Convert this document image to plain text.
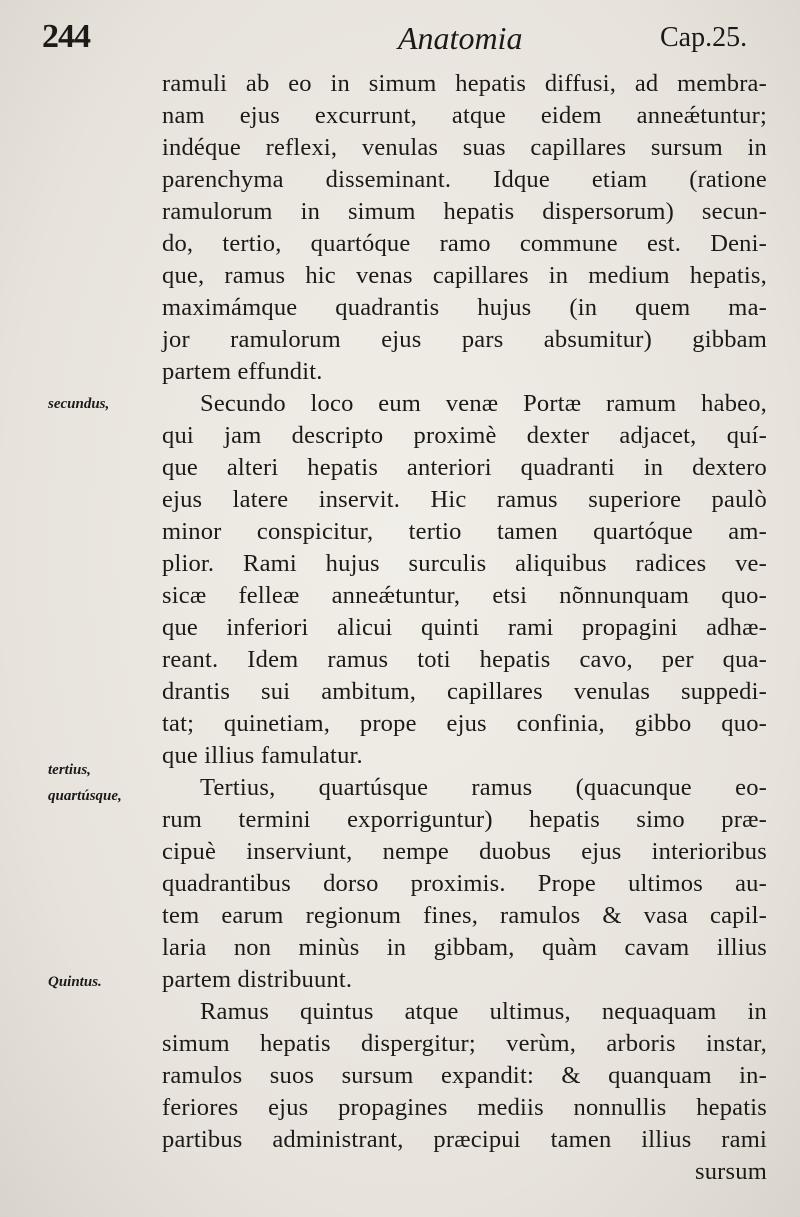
244	Anatomia	Cap.25.
secundus,
tertius,
quartúsque,
Quintus.
ramuli ab eo in simum hepatis diffusi, ad membra-
nam ejus excurrunt, atque eidem anneǽtuntur;
indéque reflexi, venulas suas capillares sursum in
parenchyma disseminant. Idque etiam (ratione
ramulorum in simum hepatis dispersorum) secun-
do, tertio, quartóque ramo commune est. Deni-
que, ramus hic venas capillares in medium hepatis,
maximámque quadrantis hujus (in quem ma-
jor ramulorum ejus pars absumitur) gibbam
partem effundit.
Secundo loco eum venæ Portæ ramum habeo,
qui jam descripto proximè dexter adjacet, quí-
que alteri hepatis anteriori quadranti in dextero
ejus latere inservit. Hic ramus superiore paulò
minor conspicitur, tertio tamen quartóque am-
plior. Rami hujus surculis aliquibus radices ve-
sicæ felleæ anneǽtuntur, etsi nõnnunquam quo-
que inferiori alicui quinti rami propagini adhæ-
reant. Idem ramus toti hepatis cavo, per qua-
drantis sui ambitum, capillares venulas suppedi-
tat; quinetiam, prope ejus confinia, gibbo quo-
que illius famulatur.
Tertius, quartúsque ramus (quacunque eo-
rum termini exporriguntur) hepatis simo præ-
cipuè inserviunt, nempe duobus ejus interioribus
quadrantibus dorso proximis. Prope ultimos au-
tem earum regionum fines, ramulos & vasa capil-
laria non minùs in gibbam, quàm cavam illius
partem distribuunt.
Ramus quintus atque ultimus, nequaquam in
simum hepatis dispergitur; verùm, arboris instar,
ramulos suos sursum expandit: & quanquam in-
feriores ejus propagines mediis nonnullis hepatis
partibus administrant, præcipui tamen illius rami
sursum
